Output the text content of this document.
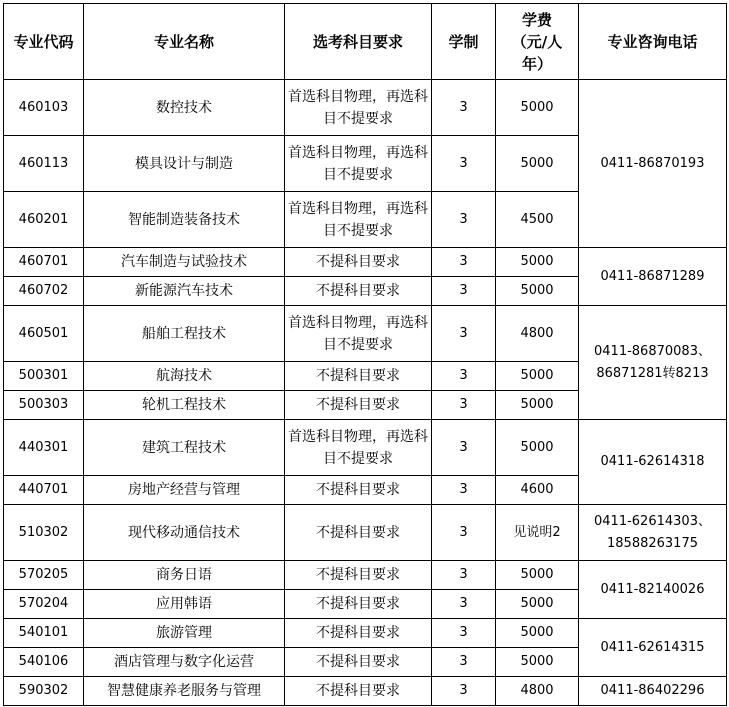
专业代码	专业名称	选考科目要求	学制	学费（元/人年）	专业咨询电话
460103	数控技术	首选科目物理，再选科目不提要求	3	5000	0411-86870193
460113	模具设计与制造	首选科目物理，再选科目不提要求	3	5000	
460201	智能制造装备技术	首选科目物理，再选科目不提要求	3	4500	
460701	汽车制造与试验技术	不提科目要求	3	5000	0411-86871289
460702	新能源汽车技术	不提科目要求	3	5000	
460501	船舶工程技术	首选科目物理，再选科目不提要求	3	4800	0411-86870083、86871281转8213
500301	航海技术	不提科目要求	3	5000	
500303	轮机工程技术	不提科目要求	3	5000	
440301	建筑工程技术	首选科目物理，再选科目不提要求	3	5000	0411-62614318
440701	房地产经营与管理	不提科目要求	3	4600	
510302	现代移动通信技术	不提科目要求	3	见说明2	0411-62614303、18588263175
570205	商务日语	不提科目要求	3	5000	0411-82140026
570204	应用韩语	不提科目要求	3	5000	
540101	旅游管理	不提科目要求	3	5000	0411-62614315
540106	酒店管理与数字化运营	不提科目要求	3	5000	
590302	智慧健康养老服务与管理	不提科目要求	3	4800	0411-86402296
